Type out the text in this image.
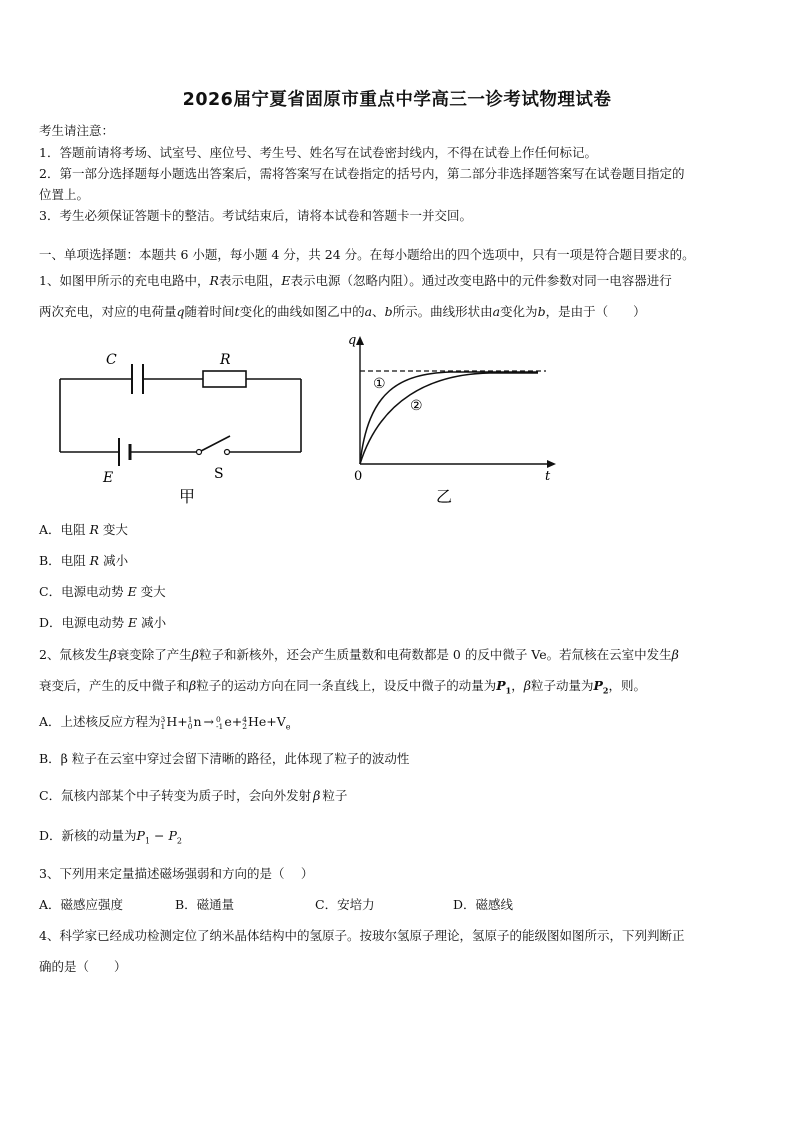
2026届宁夏省固原市重点中学高三一诊考试物理试卷
考生请注意：
1．答题前请将考场、试室号、座位号、考生号、姓名写在试卷密封线内，不得在试卷上作任何标记。
2．第一部分选择题每小题选出答案后，需将答案写在试卷指定的括号内，第二部分非选择题答案写在试卷题目指定的
位置上。
3．考生必须保证答题卡的整洁。考试结束后，请将本试卷和答题卡一并交回。
一、单项选择题：本题共 6 小题，每小题 4 分，共 24 分。在每小题给出的四个选项中，只有一项是符合题目要求的。
1、如图甲所示的充电电路中，R表示电阻，E表示电源（忽略内阻）。通过改变电路中的元件参数对同一电容器进行
两次充电，对应的电荷量q随着时间t变化的曲线如图乙中的a、b所示。曲线形状由a变化为b，是由于（　　）
C	R
E	S
甲
q
t
0
①
②
乙
A．电阻 R 变大
B．电阻 R 减小
C．电源电动势 E 变大
D．电源电动势 E 减小
2、氚核发生β衰变除了产生β粒子和新核外，还会产生质量数和电荷数都是 0 的反中微子 Ve。若氚核在云室中发生β
衰变后，产生的反中微子和β粒子的运动方向在同一条直线上，设反中微子的动量为$P_1$，β粒子动量为$P_2$，则。
A．上述核反应方程为 3
1 H+ 1
0 n → 0
-1 e+ 4
2 $He+V_e$
B．β 粒子在云室中穿过会留下清晰的路径，此体现了粒子的波动性
C．氚核内部某个中子转变为质子时，会向外发射 β 粒子
D．新核的动量为$P_1 - P_2$
3、下列用来定量描述磁场强弱和方向的是（　 ）
A．磁感应强度	B．磁通量	C．安培力	D．磁感线
4、科学家已经成功检测定位了纳米晶体结构中的氢原子。按玻尔氢原子理论，氢原子的能级图如图所示，下列判断正
确的是（　　）
